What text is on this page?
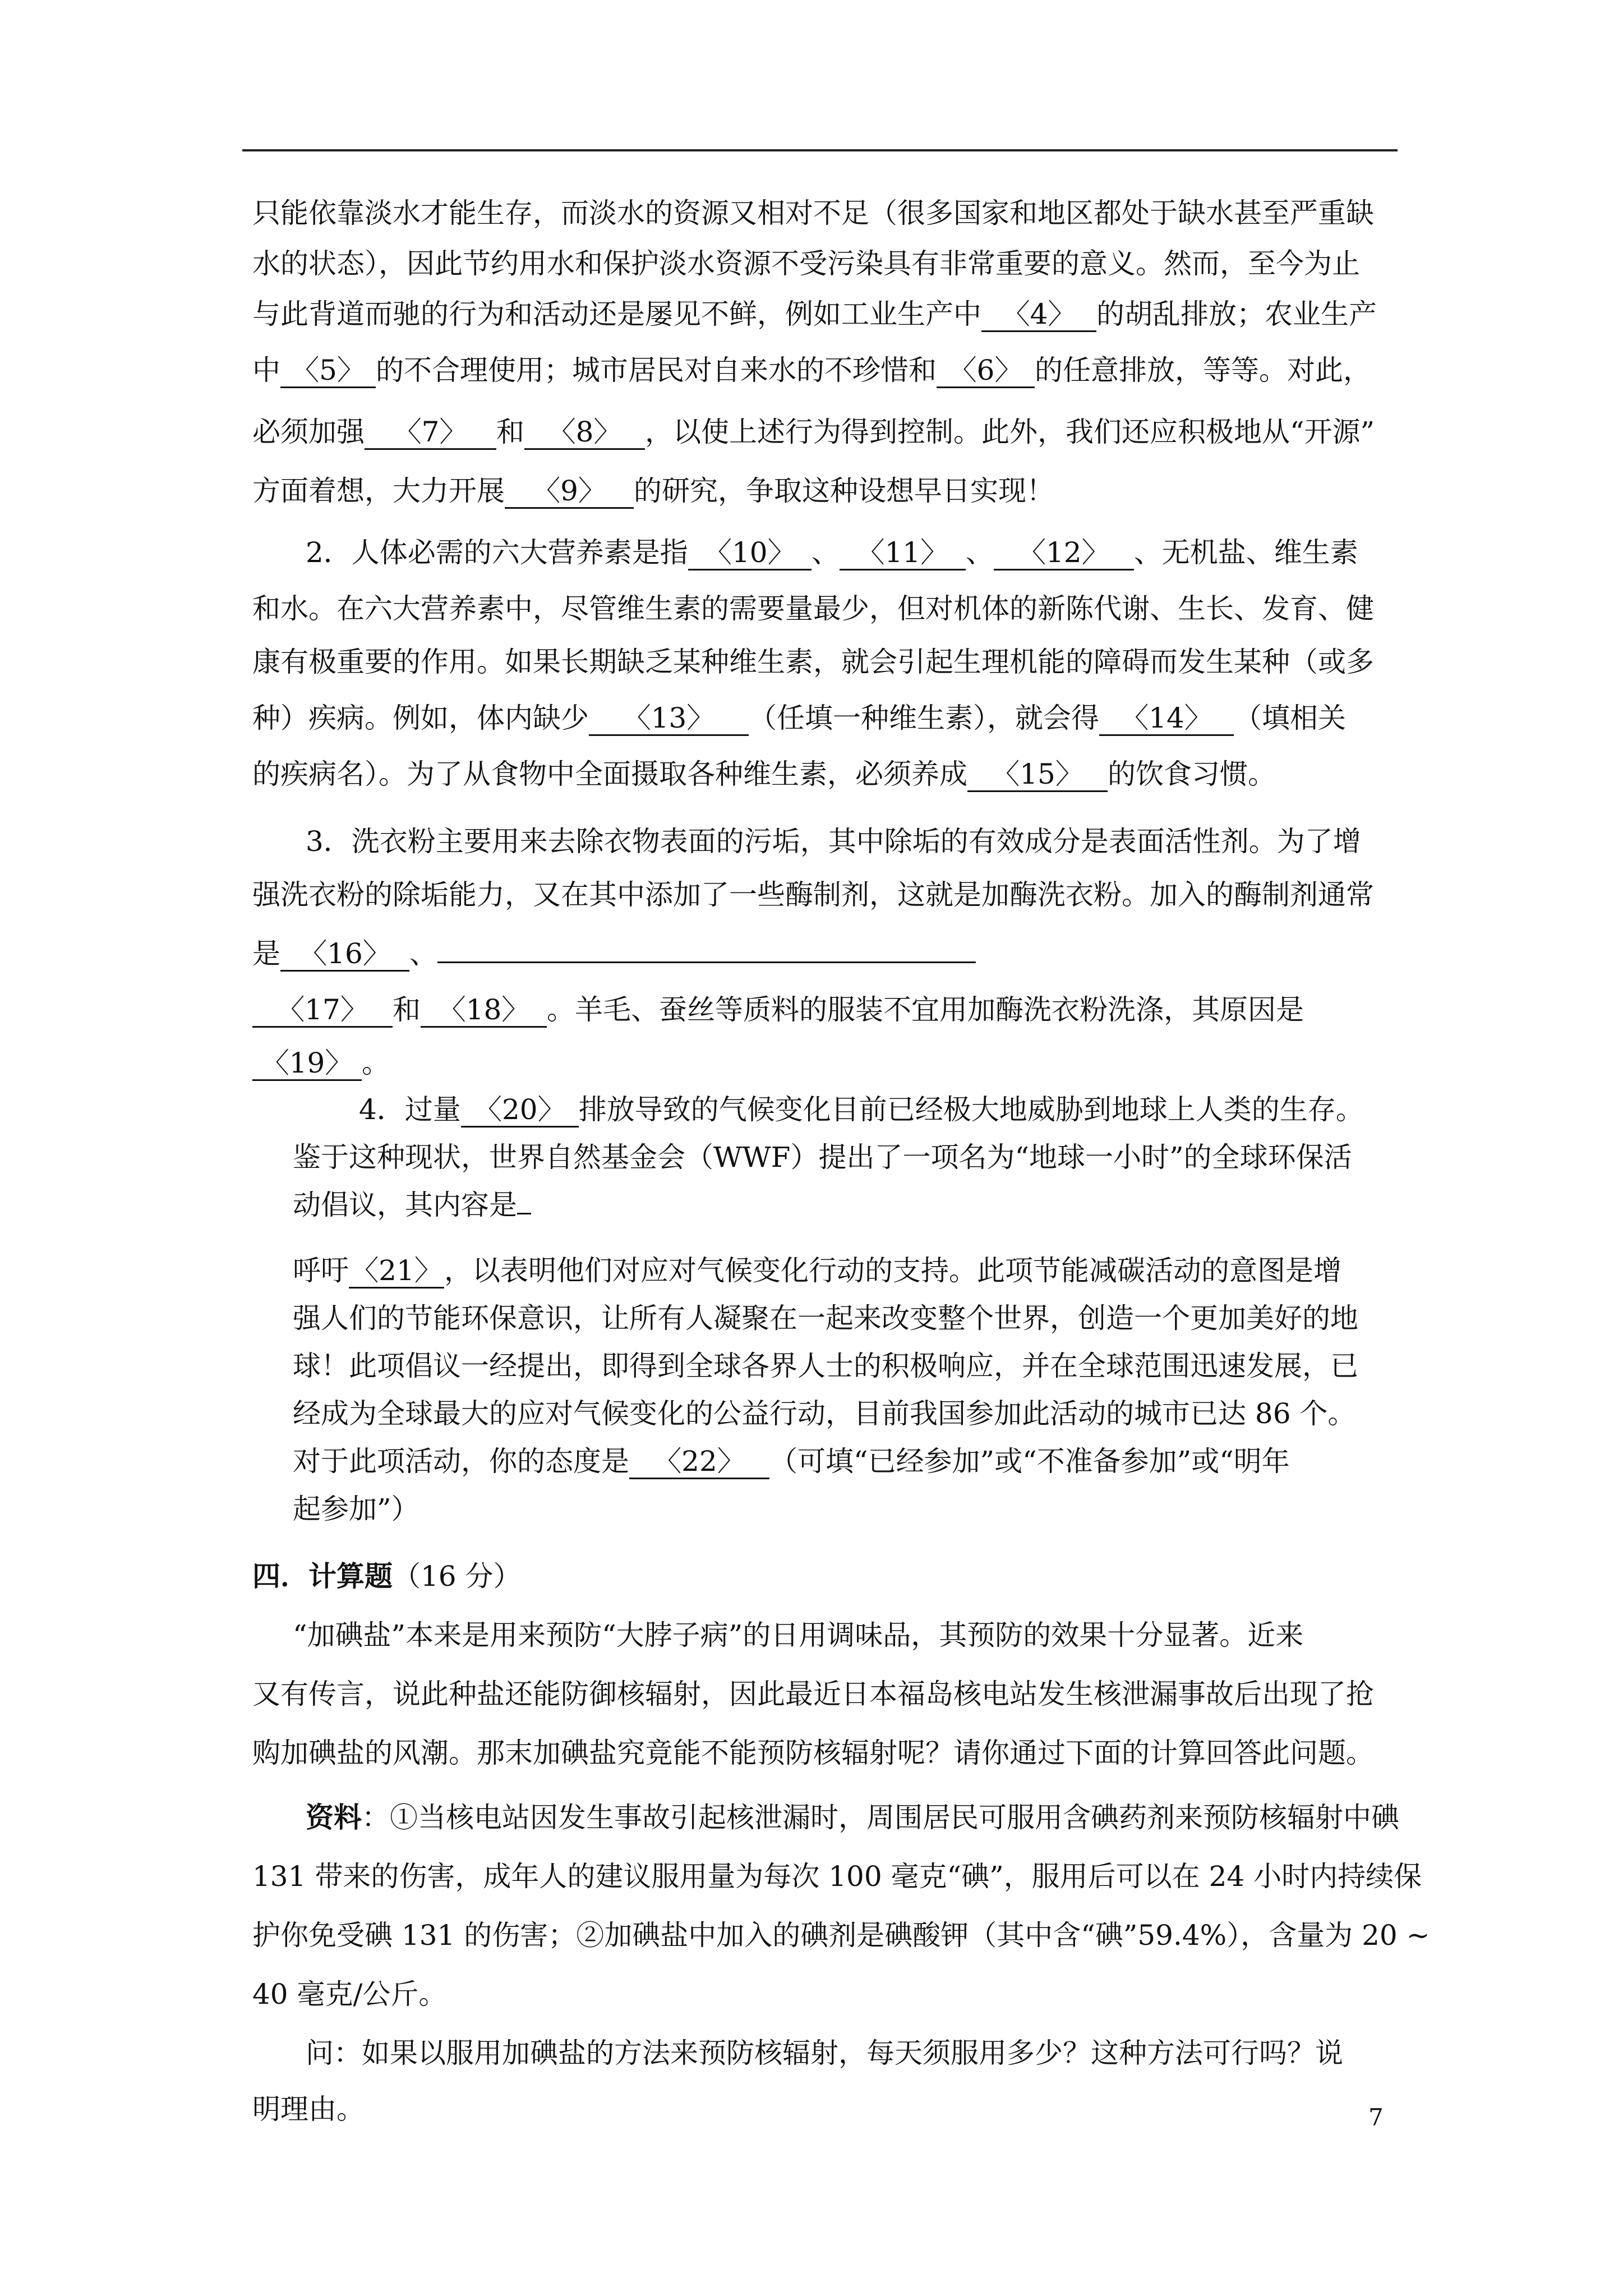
只能依靠淡水才能生存，而淡水的资源又相对不足（很多国家和地区都处于缺水甚至严重缺
水的状态），因此节约用水和保护淡水资源不受污染具有非常重要的意义。然而，至今为止
与此背道而驰的行为和活动还是屡见不鲜，例如工业生产中 〈4〉 的胡乱排放；农业生产
中 〈5〉 的不合理使用；城市居民对自来水的不珍惜和 〈6〉 的任意排放，等等。对此，
必须加强 〈7〉 和 〈8〉 ，以使上述行为得到控制。此外，我们还应积极地从“开源”
方面着想，大力开展 〈9〉 的研究，争取这种设想早日实现！
2．人体必需的六大营养素是指 〈10〉 、 〈11〉 、 〈12〉 、无机盐、维生素
和水。在六大营养素中，尽管维生素的需要量最少，但对机体的新陈代谢、生长、发育、健
康有极重要的作用。如果长期缺乏某种维生素，就会引起生理机能的障碍而发生某种（或多
种）疾病。例如，体内缺少 〈13〉 （任填一种维生素），就会得 〈14〉 （填相关
的疾病名）。为了从食物中全面摄取各种维生素，必须养成 〈15〉 的饮食习惯。
3．洗衣粉主要用来去除衣物表面的污垢，其中除垢的有效成分是表面活性剂。为了增
强洗衣粉的除垢能力，又在其中添加了一些酶制剂，这就是加酶洗衣粉。加入的酶制剂通常
是 〈16〉 、
〈17〉 和 〈18〉 。羊毛、蚕丝等质料的服装不宜用加酶洗衣粉洗涤，其原因是
〈19〉 。
4．过量 〈20〉 排放导致的气候变化目前已经极大地威胁到地球上人类的生存。
鉴于这种现状，世界自然基金会（WWF）提出了一项名为“地球一小时”的全球环保活
动倡议，其内容是
呼吁〈21〉，以表明他们对应对气候变化行动的支持。此项节能减碳活动的意图是增
强人们的节能环保意识，让所有人凝聚在一起来改变整个世界，创造一个更加美好的地
球！此项倡议一经提出，即得到全球各界人士的积极响应，并在全球范围迅速发展，已
经成为全球最大的应对气候变化的公益行动，目前我国参加此活动的城市已达 86 个。
对于此项活动，你的态度是 〈22〉 （可填“已经参加”或“不准备参加”或“明年
起参加”）
四．计算题（16 分）
“加碘盐”本来是用来预防“大脖子病”的日用调味品，其预防的效果十分显著。近来
又有传言，说此种盐还能防御核辐射，因此最近日本福岛核电站发生核泄漏事故后出现了抢
购加碘盐的风潮。那末加碘盐究竟能不能预防核辐射呢？请你通过下面的计算回答此问题。
资料：①当核电站因发生事故引起核泄漏时，周围居民可服用含碘药剂来预防核辐射中碘
131 带来的伤害，成年人的建议服用量为每次 100 毫克“碘”，服用后可以在 24 小时内持续保
护你免受碘 131 的伤害；②加碘盐中加入的碘剂是碘酸钾（其中含“碘”59.4%），含量为 20 ~
40 毫克/公斤。
问：如果以服用加碘盐的方法来预防核辐射，每天须服用多少？这种方法可行吗？说
明理由。	7
